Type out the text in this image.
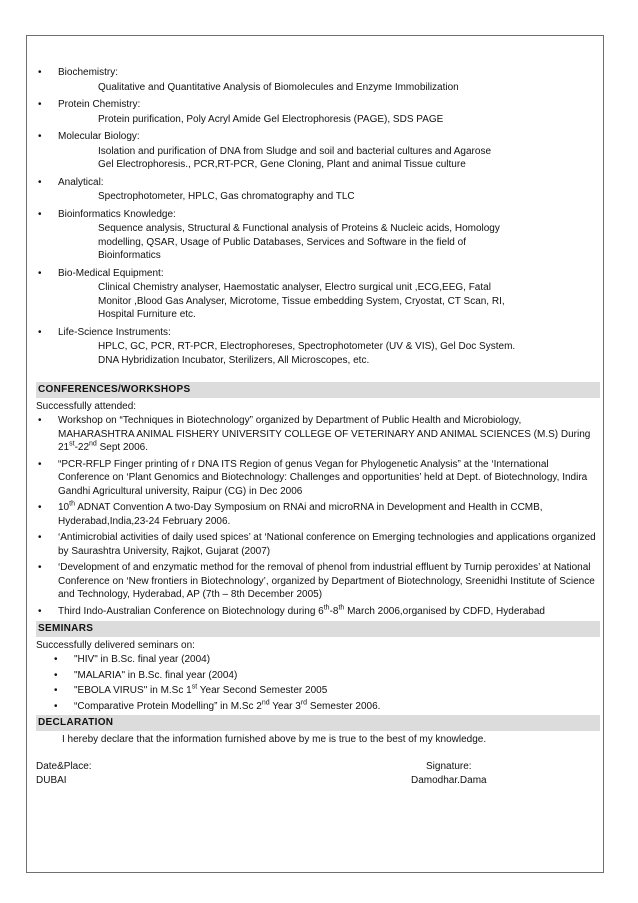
• Biochemistry:
Qualitative and Quantitative Analysis of Biomolecules and Enzyme Immobilization
• Protein Chemistry:
Protein purification, Poly Acryl Amide Gel Electrophoresis (PAGE), SDS PAGE
• Molecular Biology:
Isolation and purification of DNA from Sludge and soil and bacterial cultures and Agarose
Gel Electrophoresis., PCR,RT-PCR, Gene Cloning, Plant and animal Tissue culture
• Analytical:
Spectrophotometer, HPLC, Gas chromatography and TLC
• Bioinformatics Knowledge:
Sequence analysis, Structural & Functional analysis of Proteins & Nucleic acids, Homology
modelling, QSAR, Usage of Public Databases, Services and Software in the field of
Bioinformatics
• Bio-Medical Equipment:
Clinical Chemistry analyser, Haemostatic analyser, Electro surgical unit ,ECG,EEG, Fatal
Monitor ,Blood Gas Analyser, Microtome, Tissue embedding System, Cryostat, CT Scan, RI,
Hospital Furniture etc.
• Life-Science Instruments:
HPLC, GC, PCR, RT-PCR, Electrophoreses, Spectrophotometer (UV & VIS), Gel Doc System.
DNA Hybridization Incubator, Sterilizers, All Microscopes, etc.
CONFERENCES/WORKSHOPS
Successfully attended:
• Workshop on “Techniques in Biotechnology” organized by Department of Public Health and Microbiology, MAHARASHTRA ANIMAL FISHERY UNIVERSITY COLLEGE OF VETERINARY AND ANIMAL SCIENCES (M.S) During 21st-22nd Sept 2006.
• “PCR-RFLP Finger printing of r DNA ITS Region of genus Vegan for Phylogenetic Analysis” at the ‘International Conference on ‘Plant Genomics and Biotechnology: Challenges and opportunities’ held at Dept. of Biotechnology, Indira Gandhi Agricultural university, Raipur (CG) in Dec 2006
• 10th ADNAT Convention A two-Day Symposium on RNAi and microRNA in Development and Health in CCMB, Hyderabad,India,23-24 February 2006.
• ‘Antimicrobial activities of daily used spices’ at ‘National conference on Emerging technologies and applications organized by Saurashtra University, Rajkot, Gujarat (2007)
• ‘Development of and enzymatic method for the removal of phenol from industrial effluent by Turnip peroxides’ at National Conference on ‘New frontiers in Biotechnology’, organized by Department of Biotechnology, Sreenidhi Institute of Science and Technology, Hyderabad, AP (7th – 8th December 2005)
• Third Indo-Australian Conference on Biotechnology during 6th-8th March 2006,organised by CDFD, Hyderabad
SEMINARS
Successfully delivered seminars on:
• "HIV" in B.Sc. final year (2004)
• "MALARIA" in B.Sc. final year (2004)
• "EBOLA VIRUS" in M.Sc 1st Year Second Semester 2005
• “Comparative Protein Modelling” in M.Sc 2nd Year 3rd Semester 2006.
DECLARATION
I hereby declare that the information furnished above by me is true to the best of my knowledge.
Date&Place:	Signature:
DUBAI	Damodhar.Dama
